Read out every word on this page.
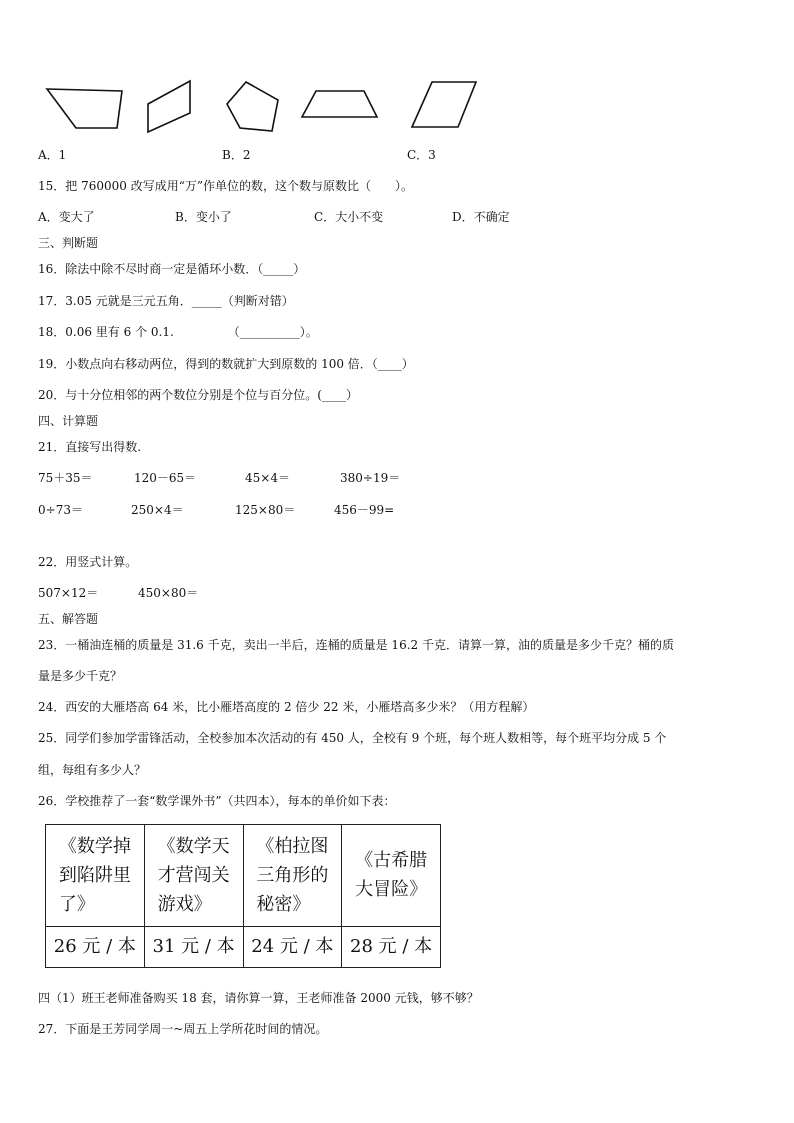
A．1	B．2	C．3
15．把 760000 改写成用“万”作单位的数，这个数与原数比（　　）。
A．变大了	B．变小了	C．大小不变	D．不确定
三、判断题
16．除法中除不尽时商一定是循环小数．（_____）
17．3.05 元就是三元五角．_____（判断对错）
18．0.06 里有 6 个 0.1.　　　　　（__________）。
19．小数点向右移动两位，得到的数就扩大到原数的 100 倍．（____）
20．与十分位相邻的两个数位分别是个位与百分位。(____）
四、计算题
21．直接写出得数.
75＋35＝	120－65＝	45×4＝	380÷19＝
0÷73＝	250×4＝	125×80＝	456－99=
22．用竖式计算。
507×12＝	450×80＝
五、解答题
23．一桶油连桶的质量是 31.6 千克，卖出一半后，连桶的质量是 16.2 千克．请算一算，油的质量是多少千克？桶的质
量是多少千克？
24．西安的大雁塔高 64 米，比小雁塔高度的 2 倍少 22 米，小雁塔高多少米？（用方程解）
25．同学们参加学雷锋活动，全校参加本次活动的有 450 人，全校有 9 个班，每个班人数相等，每个班平均分成 5 个
组，每组有多少人？
26．学校推荐了一套“数学课外书”（共四本），每本的单价如下表：
《数学掉
到陷阱里
了》	《数学天
才营闯关
游戏》	《柏拉图
三角形的
秘密》	《古希腊
大冒险》
26 元 / 本	31 元 / 本	24 元 / 本	28 元 / 本
四（1）班王老师准备购买 18 套，请你算一算，王老师准备 2000 元钱，够不够？
27．下面是王芳同学周一~周五上学所花时间的情况。
